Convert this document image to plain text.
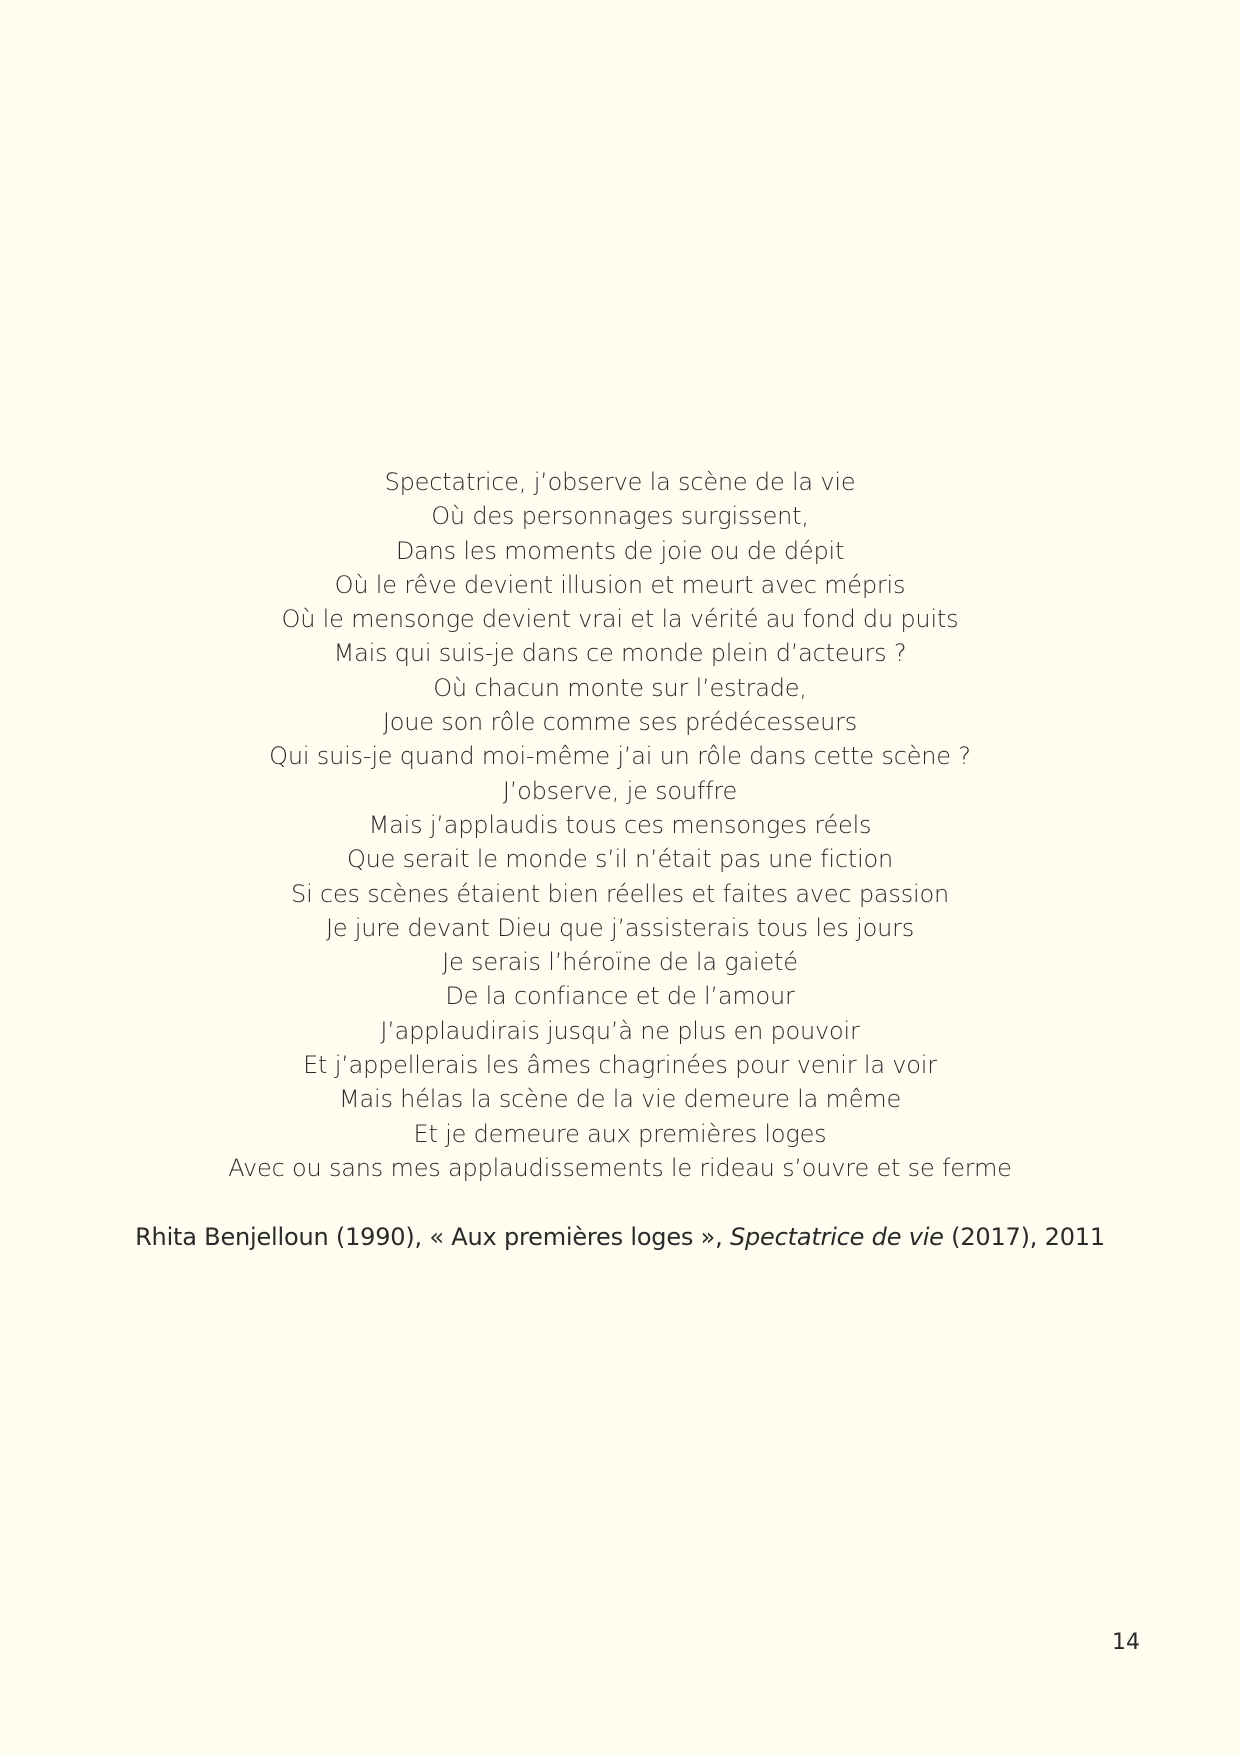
Spectatrice, j’observe la scène de la vie
Où des personnages surgissent,
Dans les moments de joie ou de dépit
Où le rêve devient illusion et meurt avec mépris
Où le mensonge devient vrai et la vérité au fond du puits
Mais qui suis-je dans ce monde plein d’acteurs ?
Où chacun monte sur l’estrade,
Joue son rôle comme ses prédécesseurs
Qui suis-je quand moi-même j’ai un rôle dans cette scène ?
J’observe, je souffre
Mais j’applaudis tous ces mensonges réels
Que serait le monde s’il n’était pas une fiction
Si ces scènes étaient bien réelles et faites avec passion
Je jure devant Dieu que j’assisterais tous les jours
Je serais l’héroïne de la gaieté
De la confiance et de l’amour
J’applaudirais jusqu’à ne plus en pouvoir
Et j’appellerais les âmes chagrinées pour venir la voir
Mais hélas la scène de la vie demeure la même
Et je demeure aux premières loges
Avec ou sans mes applaudissements le rideau s’ouvre et se ferme
Rhita Benjelloun (1990), « Aux premières loges », Spectatrice de vie (2017), 2011
14
